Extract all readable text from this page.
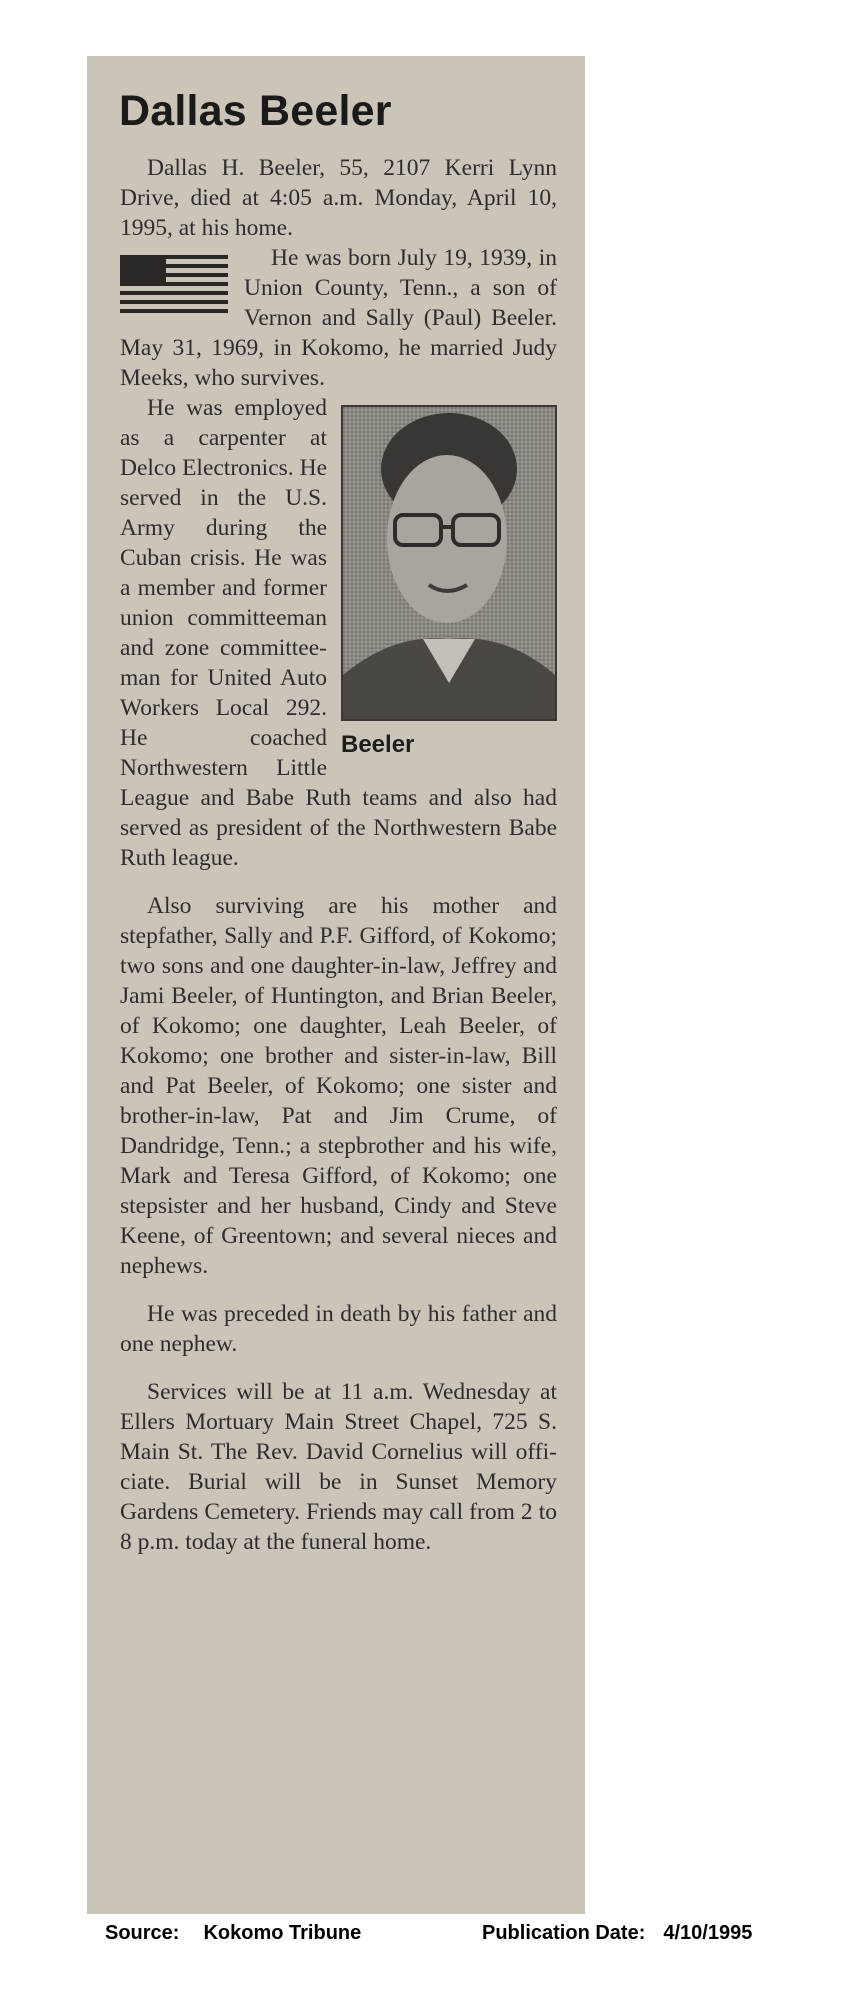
Dallas Beeler

Dallas H. Beeler, 55, 2107 Kerri Lynn Drive, died at 4:05 a.m. Monday, April 10, 1995, at his home.

He was born July 19, 1939, in Union County, Tenn., a son of Vernon and Sally (Paul) Beeler. May 31, 1969, in Kokomo, he married Judy Meeks, who survives.

Beeler

He was employed as a carpenter at Delco Electronics. He served in the U.S. Army during the Cuban crisis. He was a member and former union committeeman and zone committeeman for United Auto Workers Local 292. He coached Northwestern Little League and Babe Ruth teams and also had served as president of the Northwestern Babe Ruth league.

Also surviving are his mother and stepfather, Sally and P.F. Gifford, of Kokomo; two sons and one daughter-in-law, Jeffrey and Jami Beeler, of Huntington, and Brian Beeler, of Kokomo; one daughter, Leah Beeler, of Kokomo; one brother and sister-in-law, Bill and Pat Beeler, of Kokomo; one sister and brother-in-law, Pat and Jim Crume, of Dandridge, Tenn.; a stepbrother and his wife, Mark and Teresa Gifford, of Kokomo; one stepsister and her husband, Cindy and Steve Keene, of Greentown; and several nieces and nephews.

He was preceded in death by his father and one nephew.

Services will be at 11 a.m. Wednesday at Ellers Mortuary Main Street Chapel, 725 S. Main St. The Rev. David Cornelius will officiate. Burial will be in Sunset Memory Gardens Cemetery. Friends may call from 2 to 8 p.m. today at the funeral home.

Source: Kokomo Tribune	Publication Date: 4/10/1995
